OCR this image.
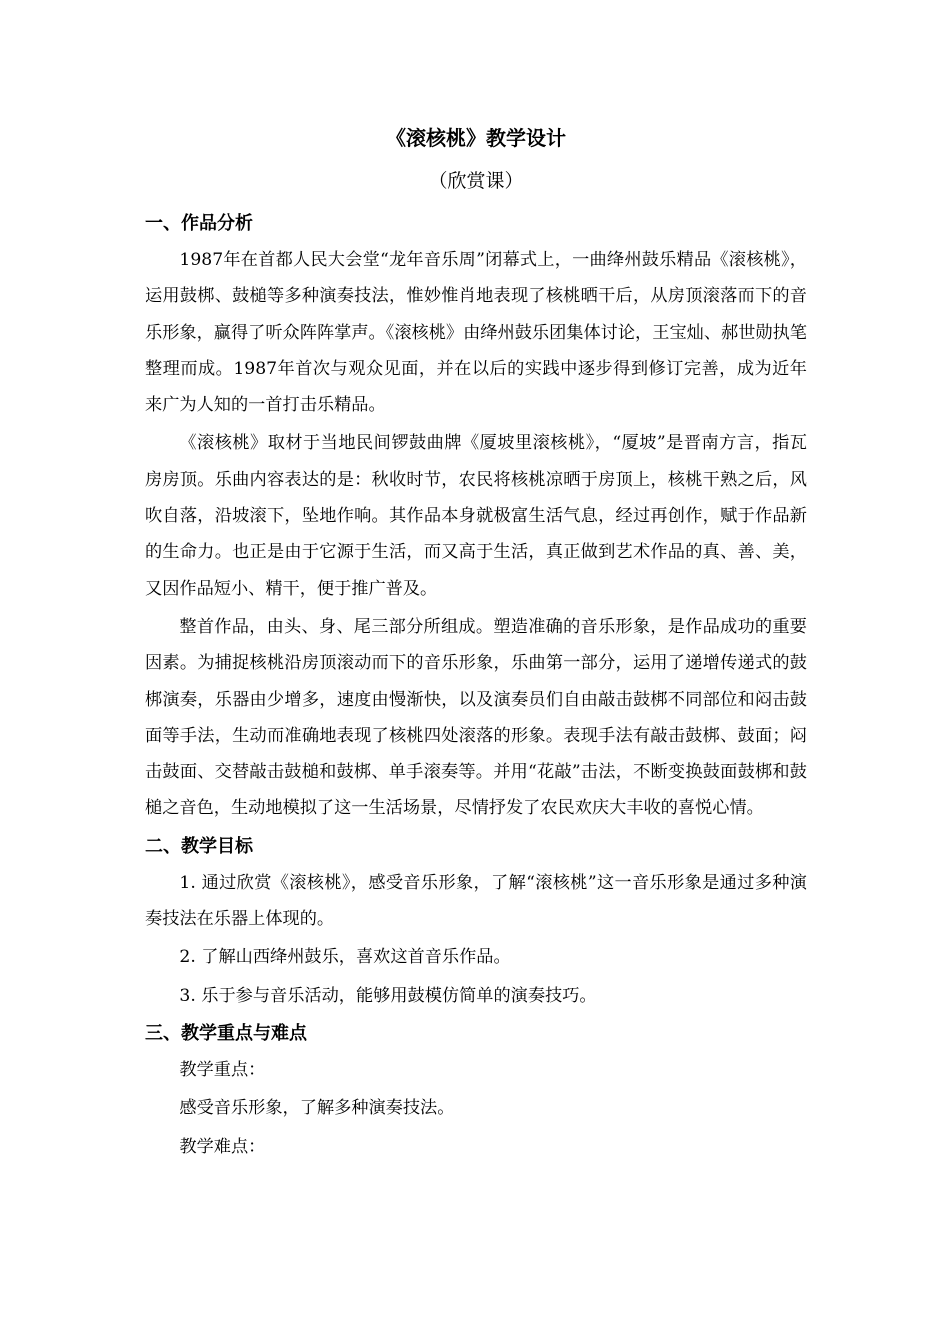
《滚核桃》教学设计

（欣赏课）

一、作品分析

1987年在首都人民大会堂“龙年音乐周”闭幕式上，一曲绛州鼓乐精品《滚核桃》，运用鼓梆、鼓槌等多种演奏技法，惟妙惟肖地表现了核桃晒干后，从房顶滚落而下的音乐形象，赢得了听众阵阵掌声。《滚核桃》由绛州鼓乐团集体讨论，王宝灿、郝世勋执笔整理而成。1987年首次与观众见面，并在以后的实践中逐步得到修订完善，成为近年来广为人知的一首打击乐精品。

《滚核桃》取材于当地民间锣鼓曲牌《厦坡里滚核桃》，“厦坡”是晋南方言，指瓦房房顶。乐曲内容表达的是：秋收时节，农民将核桃凉晒于房顶上，核桃干熟之后，风吹自落，沿坡滚下，坠地作响。其作品本身就极富生活气息，经过再创作，赋于作品新的生命力。也正是由于它源于生活，而又高于生活，真正做到艺术作品的真、善、美，又因作品短小、精干，便于推广普及。

整首作品，由头、身、尾三部分所组成。塑造准确的音乐形象，是作品成功的重要因素。为捕捉核桃沿房顶滚动而下的音乐形象，乐曲第一部分，运用了递增传递式的鼓梆演奏，乐器由少增多，速度由慢渐快，以及演奏员们自由敲击鼓梆不同部位和闷击鼓面等手法，生动而准确地表现了核桃四处滚落的形象。表现手法有敲击鼓梆、鼓面；闷击鼓面、交替敲击鼓槌和鼓梆、单手滚奏等。并用“花敲”击法，不断变换鼓面鼓梆和鼓槌之音色，生动地模拟了这一生活场景，尽情抒发了农民欢庆大丰收的喜悦心情。

二、教学目标

1. 通过欣赏《滚核桃》，感受音乐形象，了解“滚核桃”这一音乐形象是通过多种演奏技法在乐器上体现的。

2. 了解山西绛州鼓乐，喜欢这首音乐作品。

3. 乐于参与音乐活动，能够用鼓模仿简单的演奏技巧。

三、教学重点与难点

教学重点：

感受音乐形象，了解多种演奏技法。

教学难点：
